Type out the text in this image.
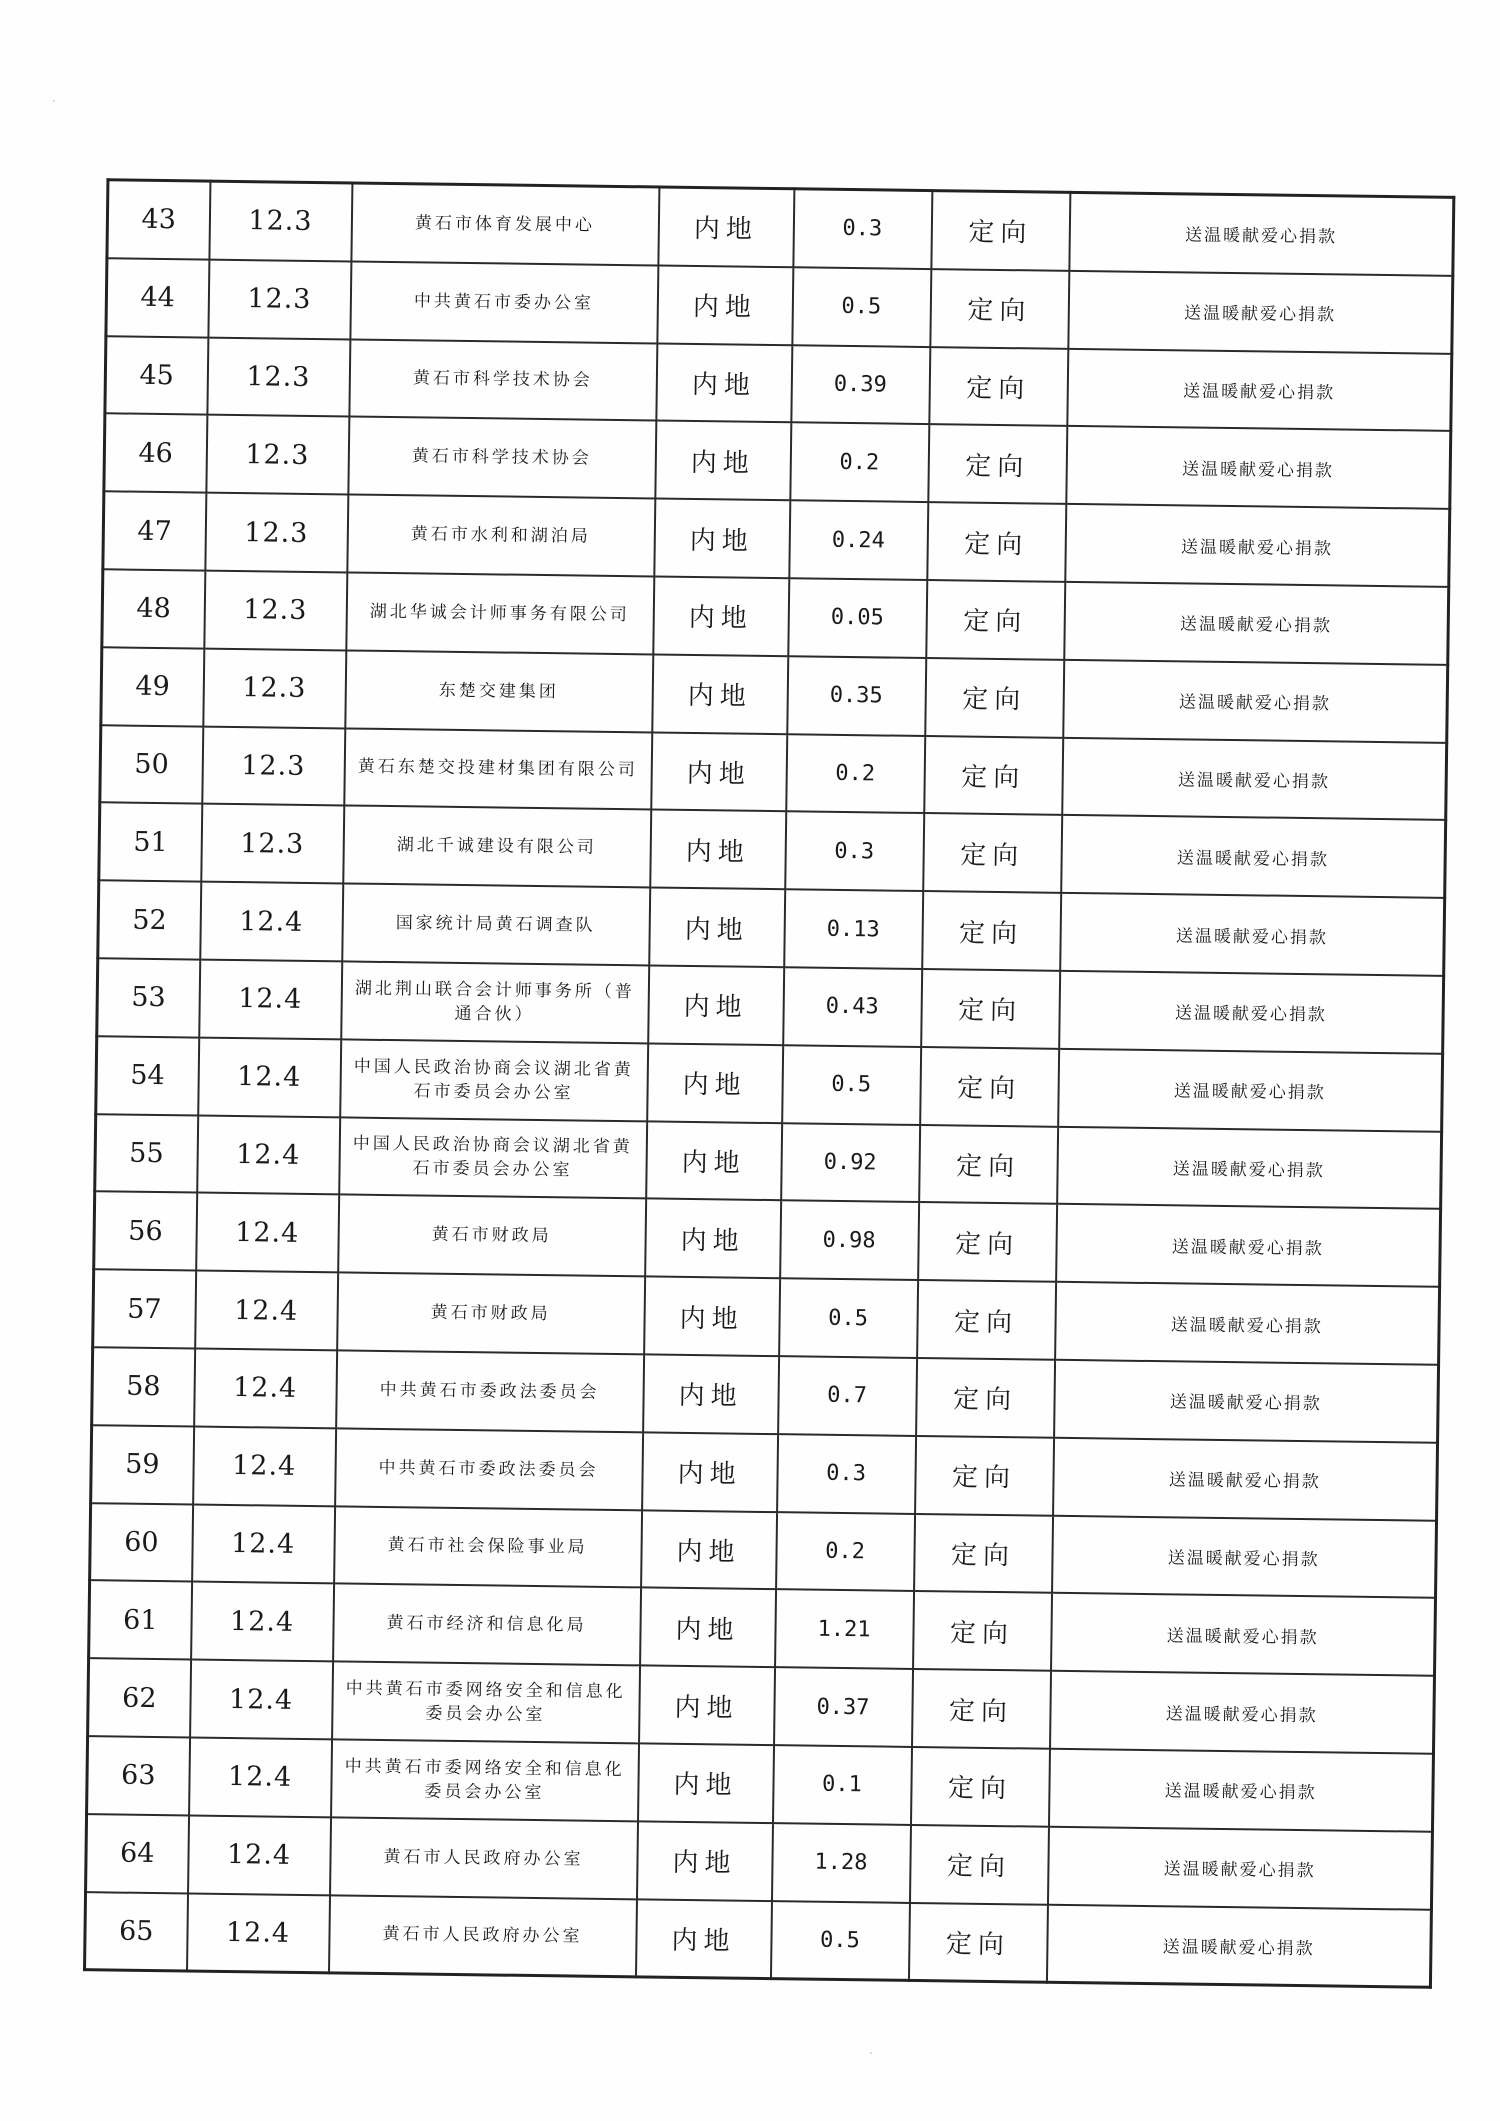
43	12.3	黄石市体育发展中心	内地	0.3	定向	送温暖献爱心捐款
44	12.3	中共黄石市委办公室	内地	0.5	定向	送温暖献爱心捐款
45	12.3	黄石市科学技术协会	内地	0.39	定向	送温暖献爱心捐款
46	12.3	黄石市科学技术协会	内地	0.2	定向	送温暖献爱心捐款
47	12.3	黄石市水利和湖泊局	内地	0.24	定向	送温暖献爱心捐款
48	12.3	湖北华诚会计师事务有限公司	内地	0.05	定向	送温暖献爱心捐款
49	12.3	东楚交建集团	内地	0.35	定向	送温暖献爱心捐款
50	12.3	黄石东楚交投建材集团有限公司	内地	0.2	定向	送温暖献爱心捐款
51	12.3	湖北千诚建设有限公司	内地	0.3	定向	送温暖献爱心捐款
52	12.4	国家统计局黄石调查队	内地	0.13	定向	送温暖献爱心捐款
53	12.4	湖北荆山联合会计师事务所（普通合伙）	内地	0.43	定向	送温暖献爱心捐款
54	12.4	中国人民政治协商会议湖北省黄石市委员会办公室	内地	0.5	定向	送温暖献爱心捐款
55	12.4	中国人民政治协商会议湖北省黄石市委员会办公室	内地	0.92	定向	送温暖献爱心捐款
56	12.4	黄石市财政局	内地	0.98	定向	送温暖献爱心捐款
57	12.4	黄石市财政局	内地	0.5	定向	送温暖献爱心捐款
58	12.4	中共黄石市委政法委员会	内地	0.7	定向	送温暖献爱心捐款
59	12.4	中共黄石市委政法委员会	内地	0.3	定向	送温暖献爱心捐款
60	12.4	黄石市社会保险事业局	内地	0.2	定向	送温暖献爱心捐款
61	12.4	黄石市经济和信息化局	内地	1.21	定向	送温暖献爱心捐款
62	12.4	中共黄石市委网络安全和信息化委员会办公室	内地	0.37	定向	送温暖献爱心捐款
63	12.4	中共黄石市委网络安全和信息化委员会办公室	内地	0.1	定向	送温暖献爱心捐款
64	12.4	黄石市人民政府办公室	内地	1.28	定向	送温暖献爱心捐款
65	12.4	黄石市人民政府办公室	内地	0.5	定向	送温暖献爱心捐款
